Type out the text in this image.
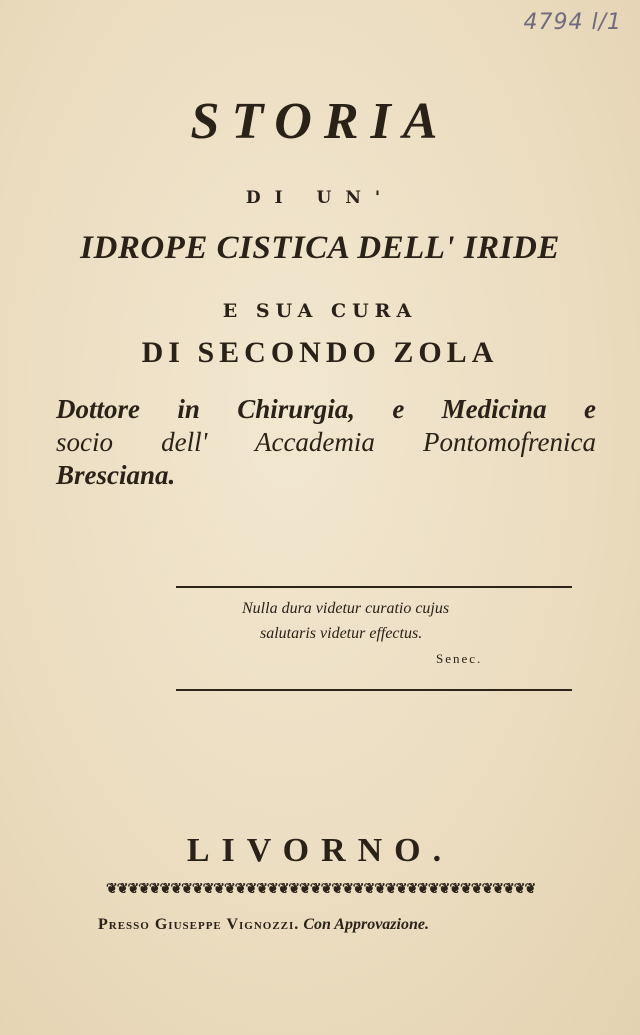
4794 l/1
STORIA
DI UN'
IDROPE CISTICA DELL' IRIDE
E SUA CURA
DI SECONDO ZOLA
Dottore in Chirurgia, e Medicina e
socio dell' Accademia Pontomofrenica
Bresciana.
Nulla dura videtur curatio cujus
salutaris videtur effectus.
Senec.
LIVORNO.
❦❦❦❦❦❦❦❦❦❦❦❦❦❦❦❦❦❦❦❦❦❦❦❦❦❦❦❦❦❦❦❦❦❦❦❦❦❦❦❦
Presso Giuseppe Vignozzi. Con Approvazione.
